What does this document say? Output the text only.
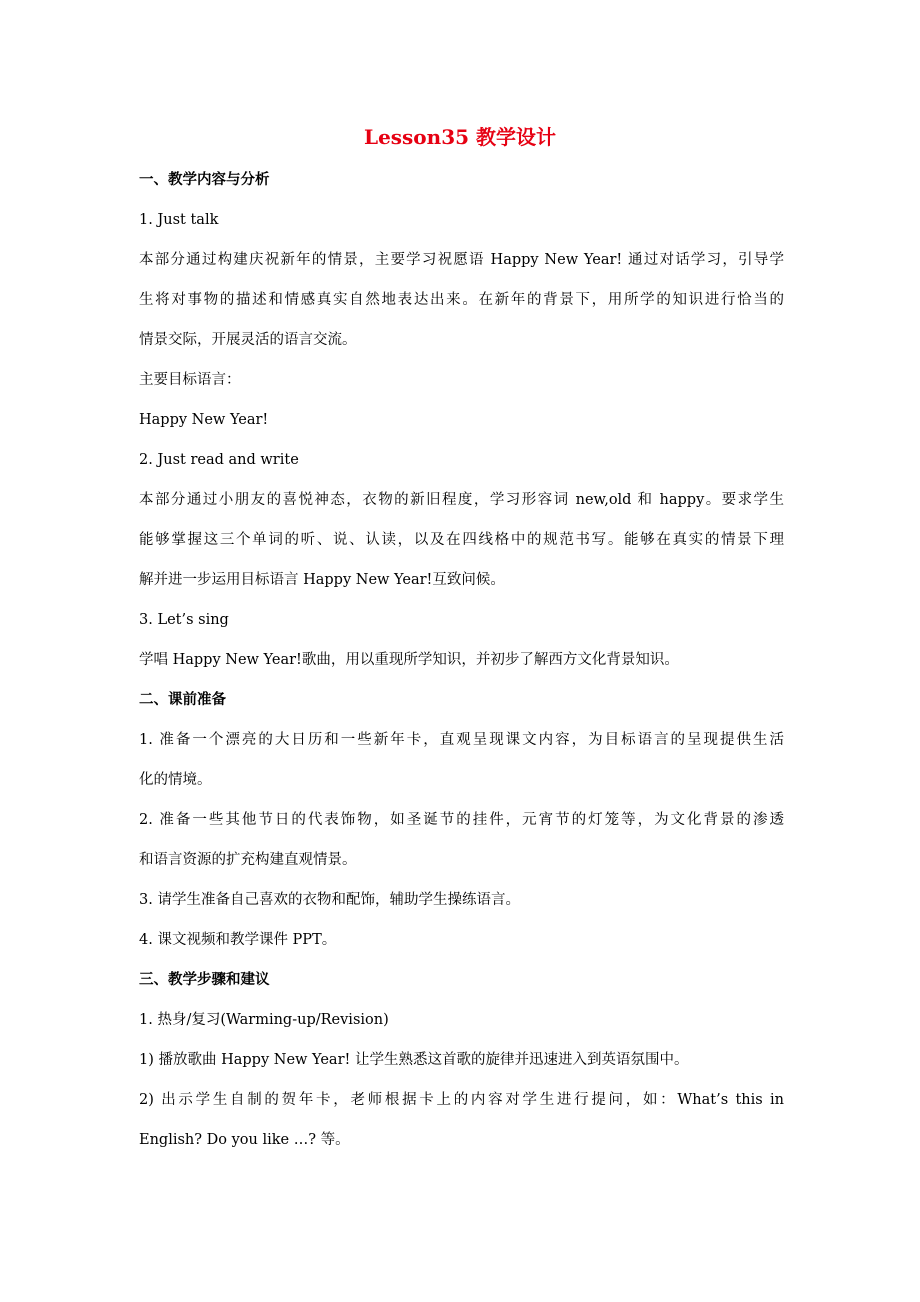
Lesson35 教学设计
一、教学内容与分析
1. Just talk
本部分通过构建庆祝新年的情景，主要学习祝愿语 Happy New Year! 通过对话学习，引导学
生将对事物的描述和情感真实自然地表达出来。在新年的背景下，用所学的知识进行恰当的
情景交际，开展灵活的语言交流。
主要目标语言：
Happy New Year!
2. Just read and write
本部分通过小朋友的喜悦神态，衣物的新旧程度，学习形容词 new,old 和 happy。要求学生
能够掌握这三个单词的听、说、认读，以及在四线格中的规范书写。能够在真实的情景下理
解并进一步运用目标语言 Happy New Year!互致问候。
3. Let’s sing
学唱 Happy New Year!歌曲，用以重现所学知识，并初步了解西方文化背景知识。
二、课前准备
1. 准备一个漂亮的大日历和一些新年卡，直观呈现课文内容，为目标语言的呈现提供生活
化的情境。
2. 准备一些其他节日的代表饰物，如圣诞节的挂件，元宵节的灯笼等，为文化背景的渗透
和语言资源的扩充构建直观情景。
3. 请学生准备自己喜欢的衣物和配饰，辅助学生操练语言。
4. 课文视频和教学课件 PPT。
三、教学步骤和建议
1. 热身/复习(Warming-up/Revision)
1) 播放歌曲 Happy New Year! 让学生熟悉这首歌的旋律并迅速进入到英语氛围中。
2) 出示学生自制的贺年卡，老师根据卡上的内容对学生进行提问，如：What’s this in
English? Do you like …? 等。
